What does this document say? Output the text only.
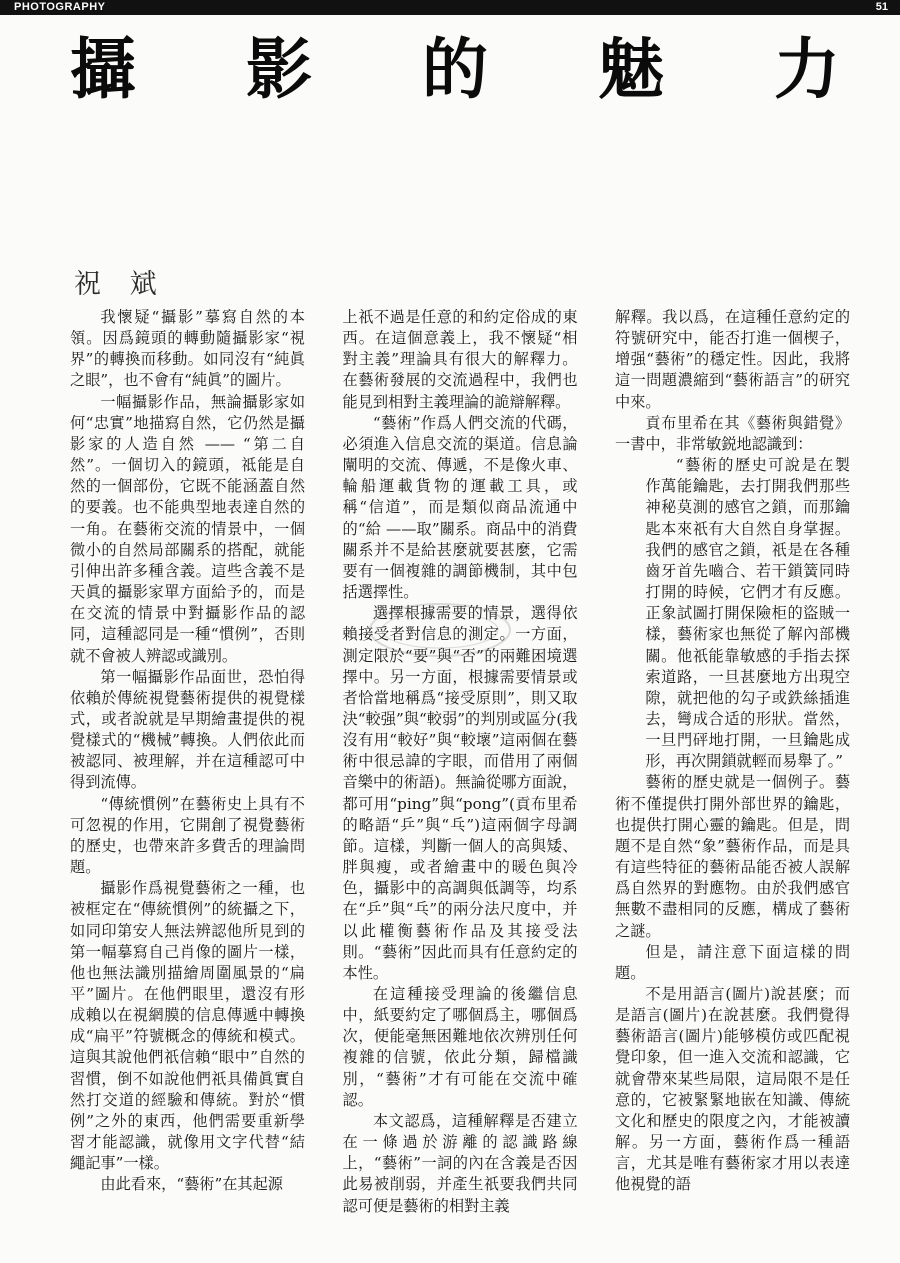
PHOTOGRAPHY	51
攝 影 的 魅 力
祝 斌

我懷疑“攝影”摹寫自然的本領。因爲鏡頭的轉動隨攝影家“視界”的轉換而移動。如同沒有“純眞之眼”，也不會有“純眞”的圖片。

一幅攝影作品，無論攝影家如何“忠實”地描寫自然，它仍然是攝影家的人造自然 —— “第二自然”。一個切入的鏡頭，祗能是自然的一個部份，它既不能涵蓋自然的要義。也不能典型地表達自然的一角。在藝術交流的情景中，一個微小的自然局部關系的搭配，就能引伸出許多種含義。這些含義不是天眞的攝影家單方面給予的，而是在交流的情景中對攝影作品的認同，這種認同是一種“慣例”，否則就不會被人辨認或識別。

第一幅攝影作品面世，恐怕得依賴於傳統視覺藝術提供的視覺樣式，或者說就是早期繪畫提供的視覺樣式的“機械”轉換。人們依此而被認同、被理解，并在這種認可中得到流傳。

“傳統慣例”在藝術史上具有不可忽視的作用，它開創了視覺藝術的歷史，也帶來許多費舌的理論問題。

攝影作爲視覺藝術之一種，也被框定在“傳統慣例”的統攝之下，如同印第安人無法辨認他所見到的第一幅摹寫自己肖像的圖片一樣，他也無法識別描繪周圍風景的“扁平”圖片。在他們眼里，還沒有形成賴以在視網膜的信息傳遞中轉換成“扁平”符號概念的傳統和模式。這與其說他們祇信賴“眼中”自然的習慣，倒不如說他們祇具備眞實自然打交道的經驗和傳統。對於“慣例”之外的東西，他們需要重新學習才能認識，就像用文字代替“結繩記事”一樣。

由此看來，“藝術”在其起源

上祇不過是任意的和約定俗成的東西。在這個意義上，我不懷疑“相對主義”理論具有很大的解釋力。在藝術發展的交流過程中，我們也能見到相對主義理論的詭辯解釋。

“藝術”作爲人們交流的代碼，必須進入信息交流的渠道。信息論闡明的交流、傳遞，不是像火車、輪船運載貨物的運載工具，或稱“信道”，而是類似商品流通中的“給 ——取”關系。商品中的消費關系并不是給甚麼就要甚麼，它需要有一個複雜的調節機制，其中包括選擇性。

選擇根據需要的情景，選得依賴接受者對信息的測定。一方面，測定限於“要”與“否”的兩難困境選擇中。另一方面，根據需要情景或者恰當地稱爲“接受原則”，則又取決“較强”與“較弱”的判別或區分(我沒有用“較好”與“較壞”這兩個在藝術中很忌諱的字眼，而借用了兩個音樂中的術語)。無論從哪方面說，都可用“ping”與“pong”(貢布里希的略語“乒”與“乓”)這兩個字母調節。這樣，判斷一個人的高與矮、胖與瘦，或者繪畫中的暖色與冷色，攝影中的高調與低調等，均系在“乒”與“乓”的兩分法尺度中，并以此權衡藝術作品及其接受法則。“藝術”因此而具有任意約定的本性。

在這種接受理論的後繼信息中，紙要約定了哪個爲主，哪個爲次，便能毫無困難地依次辨別任何複雜的信號，依此分類，歸檔識別，“藝術”才有可能在交流中確認。

本文認爲，這種解釋是否建立在一條過於游離的認識路線上，“藝術”一詞的內在含義是否因此易被削弱，并產生祇要我們共同認可便是藝術的相對主義

解釋。我以爲，在這種任意約定的符號研究中，能否打進一個楔子，增强“藝術”的穩定性。因此，我將這一問題濃縮到“藝術語言”的研究中來。

貢布里希在其《藝術與錯覺》一書中，非常敏鋭地認識到：

“藝術的歷史可說是在製作萬能鑰匙，去打開我們那些神秘莫測的感官之鎖，而那鑰匙本來祇有大自然自身掌握。我們的感官之鎖，祇是在各種齒牙首先嚙合、若干鎖簧同時打開的時候，它們才有反應。正象試圖打開保險柜的盜賊一樣，藝術家也無從了解內部機關。他祇能靠敏感的手指去探索道路，一旦甚麼地方出現空隙，就把他的勾子或鉄絲插進去，彎成合适的形狀。當然，一旦門砰地打開，一旦鑰匙成形，再次開鎖就輕而易舉了。”

藝術的歷史就是一個例子。藝術不僅提供打開外部世界的鑰匙，也提供打開心靈的鑰匙。但是，問題不是自然“象”藝術作品，而是具有這些特征的藝術品能否被人誤解爲自然界的對應物。由於我們感官無數不盡相同的反應，構成了藝術之謎。

但是，請注意下面這樣的問題。

不是用語言(圖片)說甚麼；而是語言(圖片)在說甚麼。我們覺得藝術語言(圖片)能够模仿或匹配視覺印象，但一進入交流和認識，它就會帶來某些局限，這局限不是任意的，它被緊緊地嵌在知識、傳統文化和歷史的限度之內，才能被讀解。另一方面，藝術作爲一種語言，尤其是唯有藝術家才用以表達他視覺的語
